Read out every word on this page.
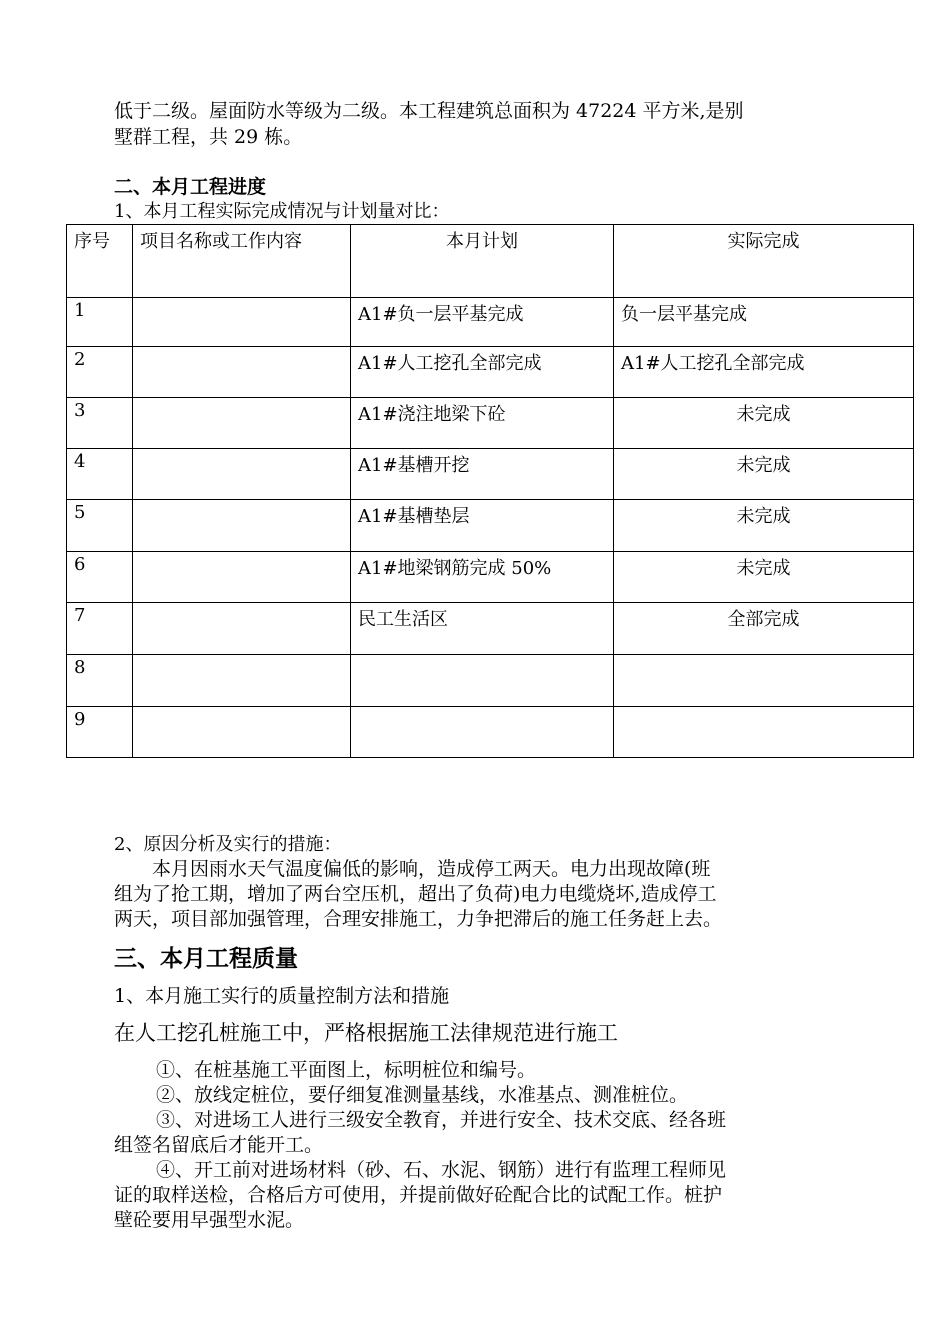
低于二级。屋面防水等级为二级。本工程建筑总面积为 47224 平方米,是别
墅群工程，共 29 栋。
二、本月工程进度
1、本月工程实际完成情况与计划量对比：
序号	项目名称或工作内容	本月计划	实际完成
1		A1#负一层平基完成	负一层平基完成
2		A1#人工挖孔全部完成	A1#人工挖孔全部完成
3		A1#浇注地梁下砼	未完成
4		A1#基槽开挖	未完成
5		A1#基槽垫层	未完成
6		A1#地梁钢筋完成 50%	未完成
7		民工生活区	全部完成
8			
9			
2、原因分析及实行的措施：
本月因雨水天气温度偏低的影响，造成停工两天。电力出现故障(班
组为了抢工期，增加了两台空压机，超出了负荷)电力电缆烧坏,造成停工
两天，项目部加强管理，合理安排施工，力争把滞后的施工任务赶上去。
三、本月工程质量
1、本月施工实行的质量控制方法和措施
在人工挖孔桩施工中，严格根据施工法律规范进行施工
①、在桩基施工平面图上，标明桩位和编号。
②、放线定桩位，要仔细复准测量基线，水准基点、测准桩位。
③、对进场工人进行三级安全教育，并进行安全、技术交底、经各班
组签名留底后才能开工。
④、开工前对进场材料（砂、石、水泥、钢筋）进行有监理工程师见
证的取样送检，合格后方可使用，并提前做好砼配合比的试配工作。桩护
壁砼要用早强型水泥。
